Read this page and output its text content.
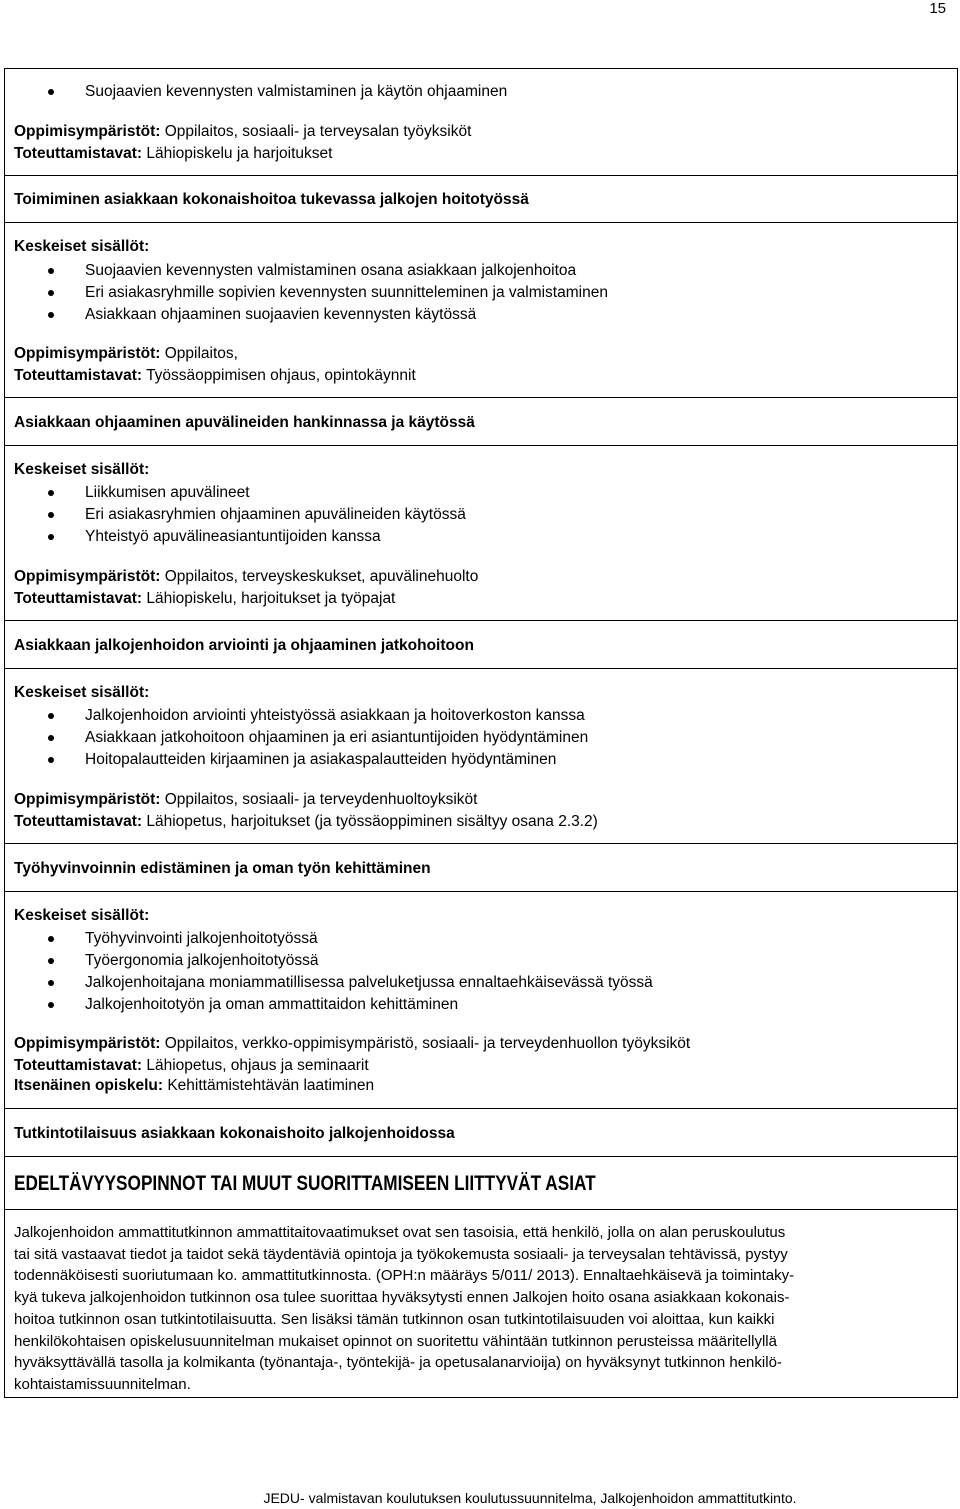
15
Suojaavien kevennysten valmistaminen ja käytön ohjaaminen
Oppimisympäristöt: Oppilaitos, sosiaali- ja terveysalan työyksiköt
Toteuttamistavat: Lähiopiskelu ja harjoitukset
Toimiminen asiakkaan kokonaishoitoa tukevassa jalkojen hoitotyössä
Keskeiset sisällöt:
Suojaavien kevennysten valmistaminen osana asiakkaan jalkojenhoitoa
Eri asiakasryhmille sopivien kevennysten suunnitteleminen ja valmistaminen
Asiakkaan ohjaaminen suojaavien kevennysten käytössä
Oppimisympäristöt: Oppilaitos,
Toteuttamistavat: Työssäoppimisen ohjaus, opintokäynnit
Asiakkaan ohjaaminen apuvälineiden hankinnassa ja käytössä
Keskeiset sisällöt:
Liikkumisen apuvälineet
Eri asiakasryhmien ohjaaminen apuvälineiden käytössä
Yhteistyö apuvälineasiantuntijoiden kanssa
Oppimisympäristöt: Oppilaitos, terveyskeskukset, apuvälinehuolto
Toteuttamistavat: Lähiopiskelu, harjoitukset ja työpajat
Asiakkaan jalkojenhoidon arviointi ja ohjaaminen jatkohoitoon
Keskeiset sisällöt:
Jalkojenhoidon arviointi yhteistyössä asiakkaan ja hoitoverkoston kanssa
Asiakkaan jatkohoitoon ohjaaminen ja eri asiantuntijoiden hyödyntäminen
Hoitopalautteiden kirjaaminen ja asiakaspalautteiden hyödyntäminen
Oppimisympäristöt: Oppilaitos, sosiaali- ja terveydenhuoltoyksiköt
Toteuttamistavat: Lähiopetus, harjoitukset (ja työssäoppiminen sisältyy osana 2.3.2)
Työhyvinvoinnin edistäminen ja oman työn kehittäminen
Keskeiset sisällöt:
Työhyvinvointi jalkojenhoitotyössä
Työergonomia jalkojenhoitotyössä
Jalkojenhoitajana moniammatillisessa palveluketjussa ennaltaehkäisevässä työssä
Jalkojenhoitotyön ja oman ammattitaidon kehittäminen
Oppimisympäristöt: Oppilaitos, verkko-oppimisympäristö, sosiaali- ja terveydenhuollon työyksiköt
Toteuttamistavat: Lähiopetus, ohjaus ja seminaarit
Itsenäinen opiskelu: Kehittämistehtävän laatiminen
Tutkintotilaisuus asiakkaan kokonaishoito jalkojenhoidossa
EDELTÄVYYSOPINNOT TAI MUUT SUORITTAMISEEN LIITTYVÄT ASIAT
Jalkojenhoidon ammattitutkinnon ammattitaitovaatimukset ovat sen tasoisia, että henkilö, jolla on alan peruskoulutus
tai sitä vastaavat tiedot ja taidot sekä täydentäviä opintoja ja työkokemusta sosiaali- ja terveysalan tehtävissä, pystyy
todennäköisesti suoriutumaan ko. ammattitutkinnosta. (OPH:n määräys 5/011/ 2013). Ennaltaehkäisevä ja toimintaky-
kyä tukeva jalkojenhoidon tutkinnon osa tulee suorittaa hyväksytysti ennen Jalkojen hoito osana asiakkaan kokonais-
hoitoa tutkinnon osan tutkintotilaisuutta. Sen lisäksi tämän tutkinnon osan tutkintotilaisuuden voi aloittaa, kun kaikki
henkilökohtaisen opiskelusuunnitelman mukaiset opinnot on suoritettu vähintään tutkinnon perusteissa määritellyllä
hyväksyttävällä tasolla ja kolmikanta (työnantaja-, työntekijä- ja opetusalanarvioija) on hyväksynyt tutkinnon henkilö-
kohtaistamissuunnitelman.
JEDU- valmistavan koulutuksen koulutussuunnitelma, Jalkojenhoidon ammattitutkinto.
